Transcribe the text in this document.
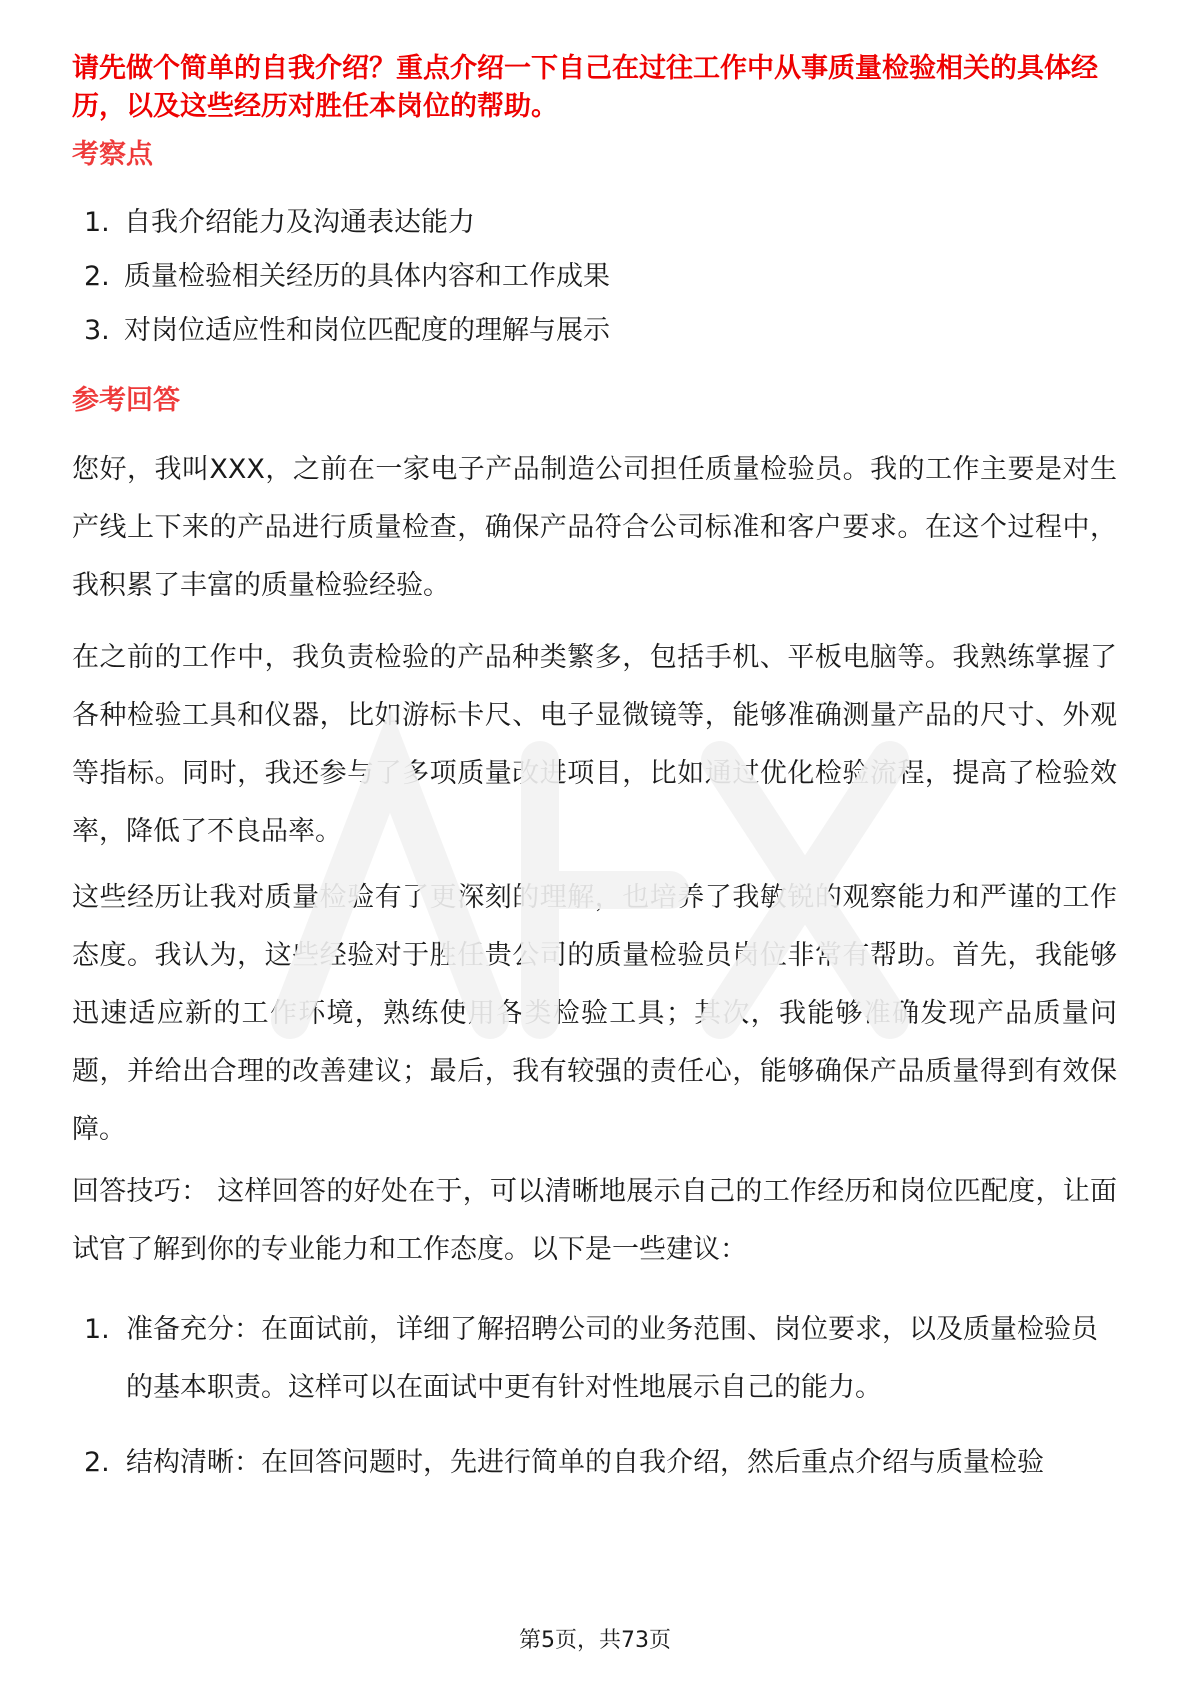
请先做个简单的自我介绍？重点介绍一下自己在过往工作中从事质量检验相关的具体经历，以及这些经历对胜任本岗位的帮助。
考察点
1. 自我介绍能力及沟通表达能力
2. 质量检验相关经历的具体内容和工作成果
3. 对岗位适应性和岗位匹配度的理解与展示
参考回答
您好，我叫XXX，之前在一家电子产品制造公司担任质量检验员。我的工作主要是对生产线上下来的产品进行质量检查，确保产品符合公司标准和客户要求。在这个过程中，我积累了丰富的质量检验经验。
在之前的工作中，我负责检验的产品种类繁多，包括手机、平板电脑等。我熟练掌握了各种检验工具和仪器，比如游标卡尺、电子显微镜等，能够准确测量产品的尺寸、外观等指标。同时，我还参与了多项质量改进项目，比如通过优化检验流程，提高了检验效率，降低了不良品率。
这些经历让我对质量检验有了更深刻的理解，也培养了我敏锐的观察能力和严谨的工作态度。我认为，这些经验对于胜任贵公司的质量检验员岗位非常有帮助。首先，我能够迅速适应新的工作环境，熟练使用各类检验工具；其次，我能够准确发现产品质量问题，并给出合理的改善建议；最后，我有较强的责任心，能够确保产品质量得到有效保障。
回答技巧： 这样回答的好处在于，可以清晰地展示自己的工作经历和岗位匹配度，让面试官了解到你的专业能力和工作态度。以下是一些建议：
1. 准备充分：在面试前，详细了解招聘公司的业务范围、岗位要求，以及质量检验员的基本职责。这样可以在面试中更有针对性地展示自己的能力。
2. 结构清晰：在回答问题时，先进行简单的自我介绍，然后重点介绍与质量检验
第5页，共73页
